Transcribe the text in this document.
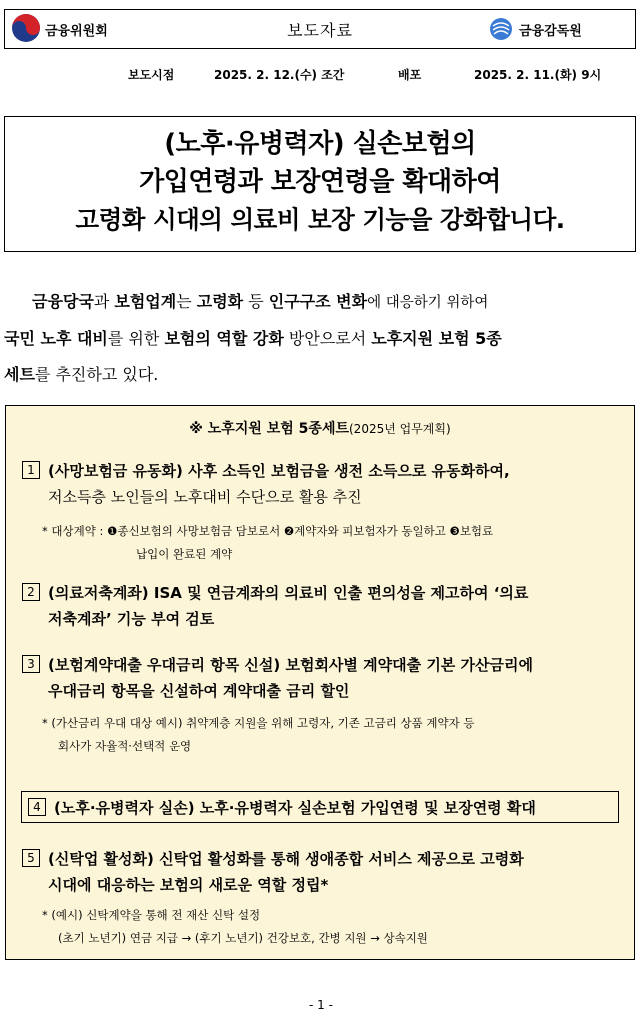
금융위원회	보도자료	금융감독원
보도시점	2025. 2. 12.(수) 조간	배포	2025. 2. 11.(화) 9시
(노후·유병력자) 실손보험의
가입연령과 보장연령을 확대하여
고령화 시대의 의료비 보장 기능을 강화합니다.
금융당국과 보험업계는 고령화 등 인구구조 변화에 대응하기 위하여
국민 노후 대비를 위한 보험의 역할 강화 방안으로서 노후지원 보험 5종
세트를 추진하고 있다.
※ 노후지원 보험 5종세트(2025년 업무계획)
1 (사망보험금 유동화) 사후 소득인 보험금을 생전 소득으로 유동화하여,
저소득층 노인들의 노후대비 수단으로 활용 추진
* 대상계약 : ❶종신보험의 사망보험금 담보로서 ❷계약자와 피보험자가 동일하고 ❸보험료
납입이 완료된 계약
2 (의료저축계좌) ISA 및 연금계좌의 의료비 인출 편의성을 제고하여 ‘의료
저축계좌’ 기능 부여 검토
3 (보험계약대출 우대금리 항목 신설) 보험회사별 계약대출 기본 가산금리에
우대금리 항목을 신설하여 계약대출 금리 할인
* (가산금리 우대 대상 예시) 취약계층 지원을 위해 고령자, 기존 고금리 상품 계약자 등
회사가 자율적·선택적 운영
4 (노후·유병력자 실손) 노후·유병력자 실손보험 가입연령 및 보장연령 확대
5 (신탁업 활성화) 신탁업 활성화를 통해 생애종합 서비스 제공으로 고령화
시대에 대응하는 보험의 새로운 역할 정립*
* (예시) 신탁계약을 통해 전 재산 신탁 설정
(초기 노년기) 연금 지급 → (후기 노년기) 건강보호, 간병 지원 → 상속지원
- 1 -
